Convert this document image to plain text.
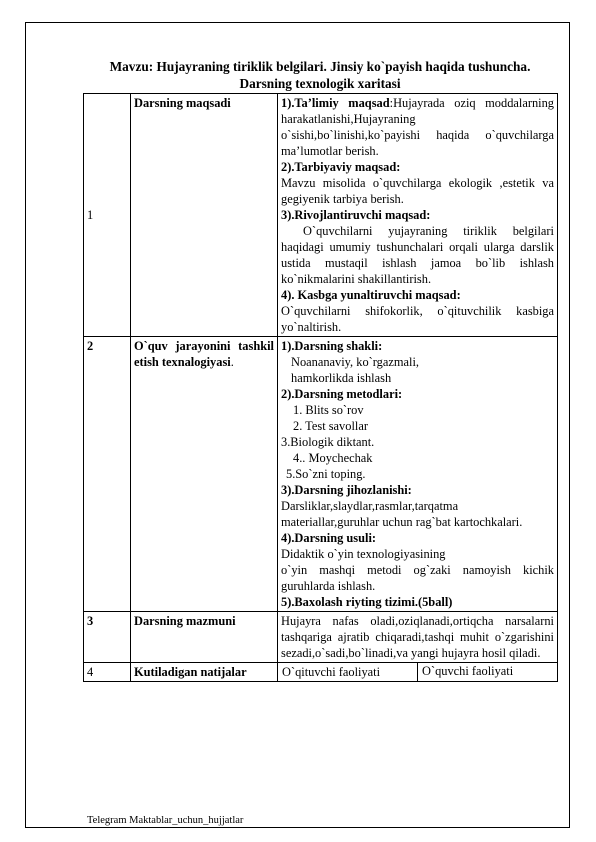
Mavzu: Hujayraning tiriklik belgilari. Jinsiy ko`payish haqida tushuncha.
Darsning texnologik xaritasi
1	Darsning maqsadi	1).Ta’limiy maqsad:Hujayrada oziq moddalarning harakatlanishi,Hujayraning o`sishi,bo`linishi,ko`payishi haqida o`quvchilarga ma’lumotlar berish.
2).Tarbiyaviy maqsad:
Mavzu misolida o`quvchilarga ekologik ,estetik va gegiyenik tarbiya berish.
3).Rivojlantiruvchi maqsad:
O`quvchilarni yujayraning tiriklik belgilari haqidagi umumiy tushunchalari orqali ularga darslik ustida mustaqil ishlash jamoa bo`lib ishlash ko`nikmalarini shakillantirish.
4). Kasbga yunaltiruvchi maqsad:
O`quvchilarni shifokorlik, o`qituvchilik kasbiga yo`naltirish.

2	O`quv jarayonini tashkil etish texnalogiyasi.	
1).Darsning shakli:
Noananaviy, ko`rgazmali,
hamkorlikda ishlash
2).Darsning metodlari:
1. Blits so`rov
2. Test savollar
3.Biologik diktant.
4.. Moychechak
5.So`zni toping.
3).Darsning jihozlanishi:
Darsliklar,slaydlar,rasmlar,tarqatma materiallar,guruhlar uchun rag`bat kartochkalari.
4).Darsning usuli:
Didaktik o`yin texnologiyasining
o`yin mashqi metodi og`zaki namoyish kichik guruhlarda ishlash.
5).Baxolash riyting tizimi.(5ball)

3	Darsning mazmuni	Hujayra nafas oladi,oziqlanadi,ortiqcha narsalarni tashqariga ajratib chiqaradi,tashqi muhit o`zgarishini sezadi,o`sadi,bo`linadi,va yangi hujayra hosil qiladi.
4	Kutiladigan natijalar		O`qituvchi faoliyati	O`quvchi faoliyati
Telegram Maktablar_uchun_hujjatlar
